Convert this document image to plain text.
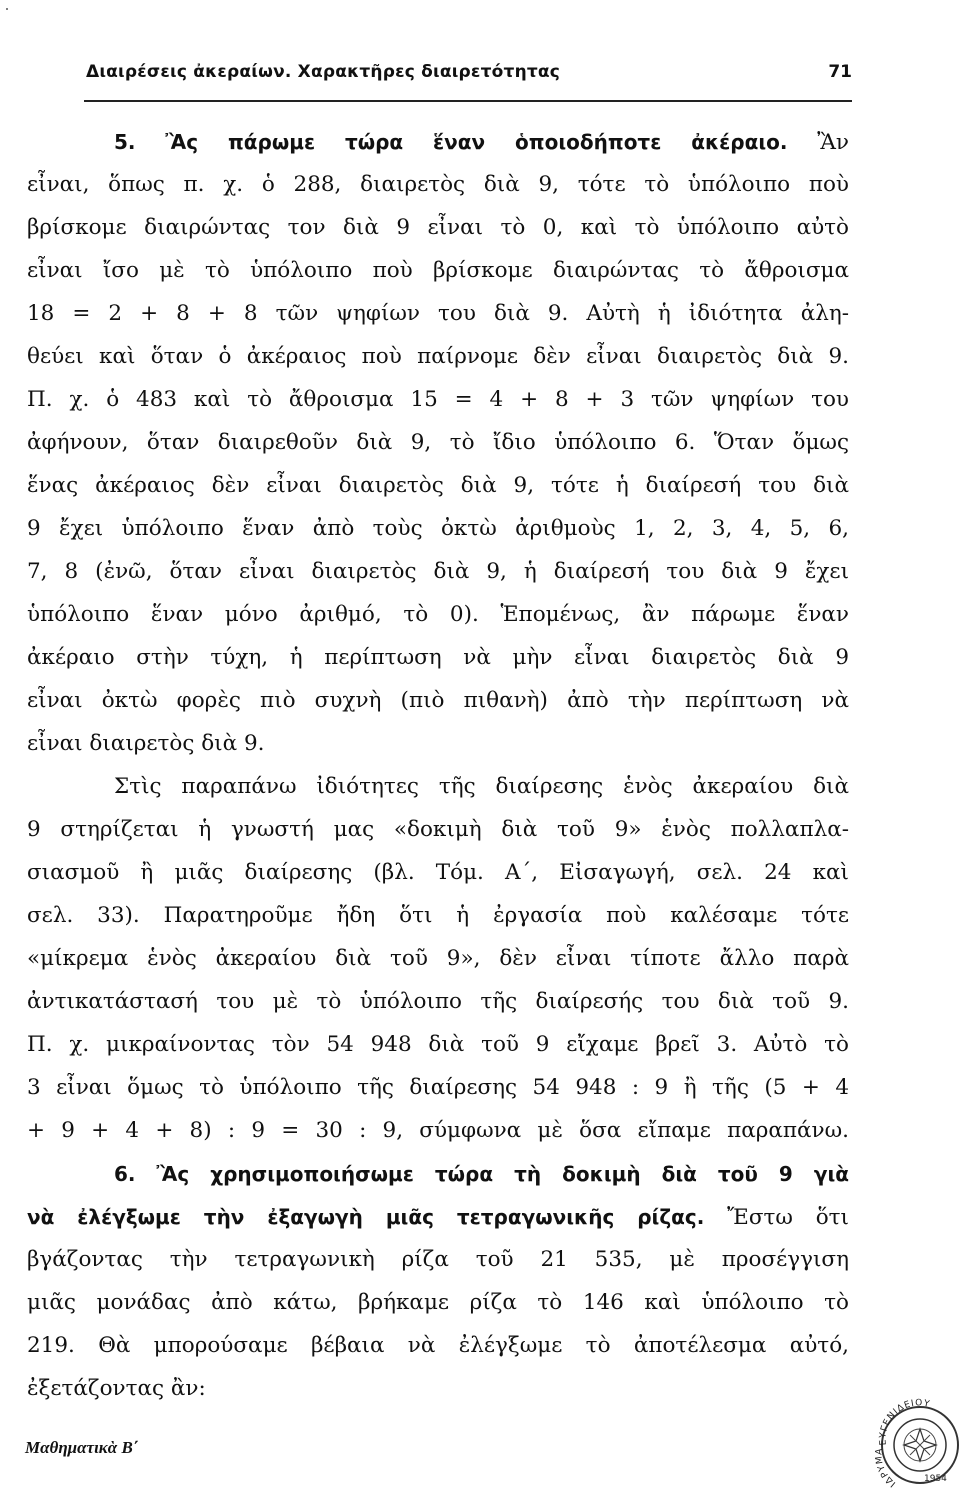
Διαιρέσεις ἀκεραίων. Χαρακτῆρες διαιρετότητας	71
5. Ἂς πάρωμε τώρα ἕναν ὁποιοδήποτε ἀκέραιο. Ἂν
εἶναι, ὅπως π. χ. ὁ 288, διαιρετὸς διὰ 9, τότε τὸ ὑπόλοιπο ποὺ
βρίσκομε διαιρώντας τον διὰ 9 εἶναι τὸ 0, καὶ τὸ ὑπόλοιπο αὐτὸ
εἶναι ἴσο μὲ τὸ ὑπόλοιπο ποὺ βρίσκομε διαιρώντας τὸ ἄθροισμα
18 = 2 + 8 + 8 τῶν ψηφίων του διὰ 9. Αὐτὴ ἡ ἰδιότητα ἀλη-
θεύει καὶ ὅταν ὁ ἀκέραιος ποὺ παίρνομε δὲν εἶναι διαιρετὸς διὰ 9.
Π. χ. ὁ 483 καὶ τὸ ἄθροισμα 15 = 4 + 8 + 3 τῶν ψηφίων του
ἀφήνουν, ὅταν διαιρεθοῦν διὰ 9, τὸ ἴδιο ὑπόλοιπο 6. Ὅταν ὅμως
ἕνας ἀκέραιος δὲν εἶναι διαιρετὸς διὰ 9, τότε ἡ διαίρεσή του διὰ
9 ἔχει ὑπόλοιπο ἕναν ἀπὸ τοὺς ὀκτὼ ἀριθμοὺς 1, 2, 3, 4, 5, 6,
7, 8 (ἐνῶ, ὅταν εἶναι διαιρετὸς διὰ 9, ἡ διαίρεσή του διὰ 9 ἔχει
ὑπόλοιπο ἕναν μόνο ἀριθμό, τὸ 0). Ἑπομένως, ἂν πάρωμε ἕναν
ἀκέραιο στὴν τύχη, ἡ περίπτωση νὰ μὴν εἶναι διαιρετὸς διὰ 9
εἶναι ὀκτὼ φορὲς πιὸ συχνὴ (πιὸ πιθανὴ) ἀπὸ τὴν περίπτωση νὰ
εἶναι διαιρετὸς διὰ 9.
Στὶς παραπάνω ἰδιότητες τῆς διαίρεσης ἑνὸς ἀκεραίου διὰ
9 στηρίζεται ἡ γνωστή μας «δοκιμὴ διὰ τοῦ 9» ἑνὸς πολλαπλα-
σιασμοῦ ἢ μιᾶς διαίρεσης (βλ. Τόμ. Α΄, Εἰσαγωγή, σελ. 24 καὶ
σελ. 33). Παρατηροῦμε ἤδη ὅτι ἡ ἐργασία ποὺ καλέσαμε τότε
«μίκρεμα ἑνὸς ἀκεραίου διὰ τοῦ 9», δὲν εἶναι τίποτε ἄλλο παρὰ
ἀντικατάστασή του μὲ τὸ ὑπόλοιπο τῆς διαίρεσής του διὰ τοῦ 9.
Π. χ. μικραίνοντας τὸν 54 948 διὰ τοῦ 9 εἴχαμε βρεῖ 3. Αὐτὸ τὸ
3 εἶναι ὅμως τὸ ὑπόλοιπο τῆς διαίρεσης 54 948 : 9 ἢ τῆς (5 + 4
+ 9 + 4 + 8) : 9 = 30 : 9, σύμφωνα μὲ ὅσα εἴπαμε παραπάνω.
6. Ἂς χρησιμοποιήσωμε τώρα τὴ δοκιμὴ διὰ τοῦ 9 γιὰ
νὰ ἐλέγξωμε τὴν ἐξαγωγὴ μιᾶς τετραγωνικῆς ρίζας. Ἔστω ὅτι
βγάζοντας τὴν τετραγωνικὴ ρίζα τοῦ 21 535, μὲ προσέγγιση
μιᾶς μονάδας ἀπὸ κάτω, βρήκαμε ρίζα τὸ 146 καὶ ὑπόλοιπο τὸ
219. Θὰ μπορούσαμε βέβαια νὰ ἐλέγξωμε τὸ ἀποτέλεσμα αὐτό,
ἐξετάζοντας ἂν:
Μαθηματικὰ Β΄	ΕΥΓΕΝΙΔΕΙΟΥ
ΙΔΡΥΜΑ
1954
